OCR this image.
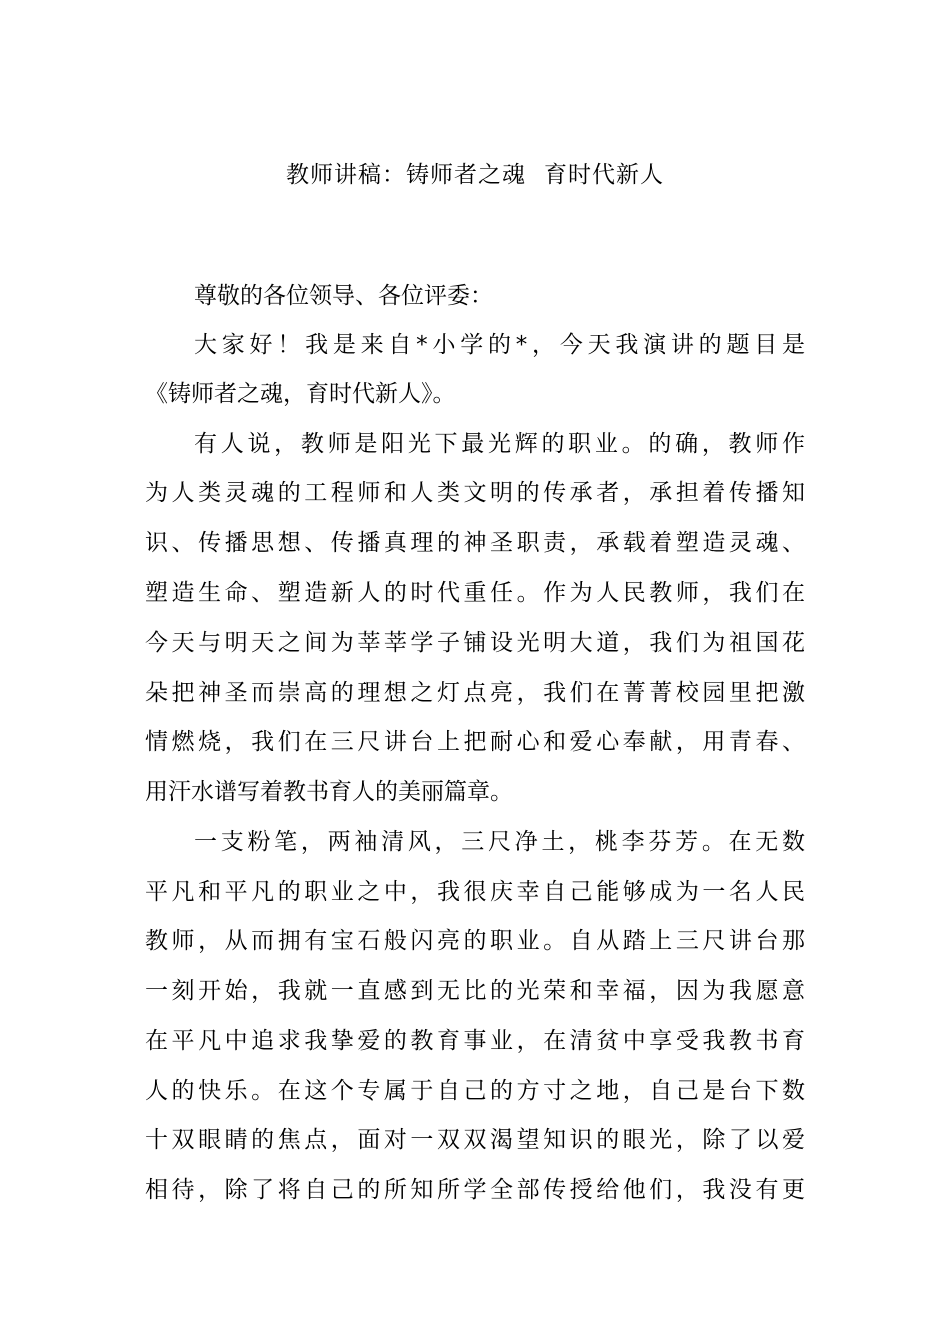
教师讲稿：铸师者之魂 育时代新人
尊敬的各位领导、各位评委：
大家好！我是来自*小学的*，今天我演讲的题目是
《铸师者之魂，育时代新人》。
有人说，教师是阳光下最光辉的职业。的确，教师作
为人类灵魂的工程师和人类文明的传承者，承担着传播知
识、传播思想、传播真理的神圣职责，承载着塑造灵魂、
塑造生命、塑造新人的时代重任。作为人民教师，我们在
今天与明天之间为莘莘学子铺设光明大道，我们为祖国花
朵把神圣而崇高的理想之灯点亮，我们在菁菁校园里把激
情燃烧，我们在三尺讲台上把耐心和爱心奉献，用青春、
用汗水谱写着教书育人的美丽篇章。
一支粉笔，两袖清风，三尺净土，桃李芬芳。在无数
平凡和平凡的职业之中，我很庆幸自己能够成为一名人民
教师，从而拥有宝石般闪亮的职业。自从踏上三尺讲台那
一刻开始，我就一直感到无比的光荣和幸福，因为我愿意
在平凡中追求我挚爱的教育事业，在清贫中享受我教书育
人的快乐。在这个专属于自己的方寸之地，自己是台下数
十双眼睛的焦点，面对一双双渴望知识的眼光，除了以爱
相待，除了将自己的所知所学全部传授给他们，我没有更
